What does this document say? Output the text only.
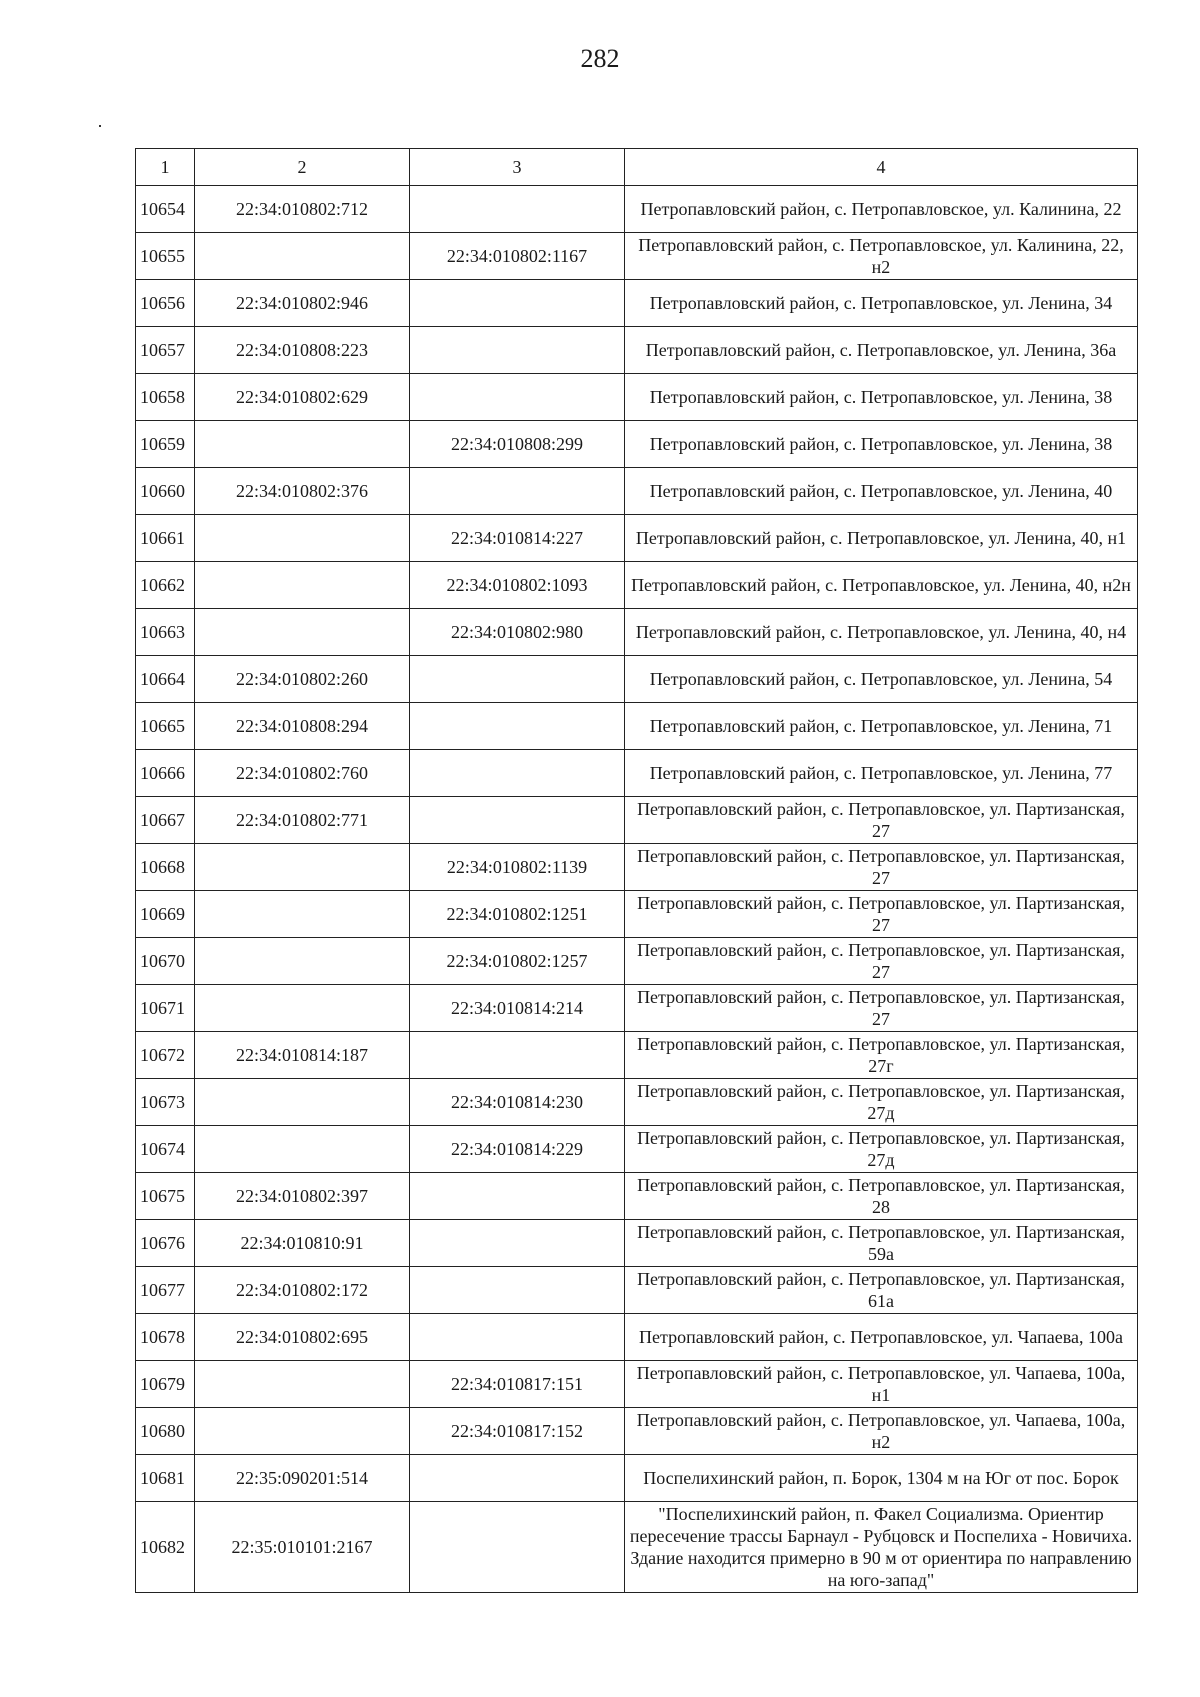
282
1	2	3	4
10654	22:34:010802:712		Петропавловский район, с. Петропавловское, ул. Калинина, 22
10655		22:34:010802:1167	Петропавловский район, с. Петропавловское, ул. Калинина, 22, н2
10656	22:34:010802:946		Петропавловский район, с. Петропавловское, ул. Ленина, 34
10657	22:34:010808:223		Петропавловский район, с. Петропавловское, ул. Ленина, 36а
10658	22:34:010802:629		Петропавловский район, с. Петропавловское, ул. Ленина, 38
10659		22:34:010808:299	Петропавловский район, с. Петропавловское, ул. Ленина, 38
10660	22:34:010802:376		Петропавловский район, с. Петропавловское, ул. Ленина, 40
10661		22:34:010814:227	Петропавловский район, с. Петропавловское, ул. Ленина, 40, н1
10662		22:34:010802:1093	Петропавловский район, с. Петропавловское, ул. Ленина, 40, н2н
10663		22:34:010802:980	Петропавловский район, с. Петропавловское, ул. Ленина, 40, н4
10664	22:34:010802:260		Петропавловский район, с. Петропавловское, ул. Ленина, 54
10665	22:34:010808:294		Петропавловский район, с. Петропавловское, ул. Ленина, 71
10666	22:34:010802:760		Петропавловский район, с. Петропавловское, ул. Ленина, 77
10667	22:34:010802:771		Петропавловский район, с. Петропавловское, ул. Партизанская, 27
10668		22:34:010802:1139	Петропавловский район, с. Петропавловское, ул. Партизанская, 27
10669		22:34:010802:1251	Петропавловский район, с. Петропавловское, ул. Партизанская, 27
10670		22:34:010802:1257	Петропавловский район, с. Петропавловское, ул. Партизанская, 27
10671		22:34:010814:214	Петропавловский район, с. Петропавловское, ул. Партизанская, 27
10672	22:34:010814:187		Петропавловский район, с. Петропавловское, ул. Партизанская, 27г
10673		22:34:010814:230	Петропавловский район, с. Петропавловское, ул. Партизанская, 27д
10674		22:34:010814:229	Петропавловский район, с. Петропавловское, ул. Партизанская, 27д
10675	22:34:010802:397		Петропавловский район, с. Петропавловское, ул. Партизанская, 28
10676	22:34:010810:91		Петропавловский район, с. Петропавловское, ул. Партизанская, 59а
10677	22:34:010802:172		Петропавловский район, с. Петропавловское, ул. Партизанская, 61а
10678	22:34:010802:695		Петропавловский район, с. Петропавловское, ул. Чапаева, 100а
10679		22:34:010817:151	Петропавловский район, с. Петропавловское, ул. Чапаева, 100а, н1
10680		22:34:010817:152	Петропавловский район, с. Петропавловское, ул. Чапаева, 100а, н2
10681	22:35:090201:514		Поспелихинский район, п. Борок, 1304 м на Юг от пос. Борок
10682	22:35:010101:2167		"Поспелихинский район, п. Факел Социализма. Ориентир пересечение трассы Барнаул - Рубцовск и Поспелиха - Новичиха. Здание находится примерно в 90 м от ориентира по направлению на юго-запад"
